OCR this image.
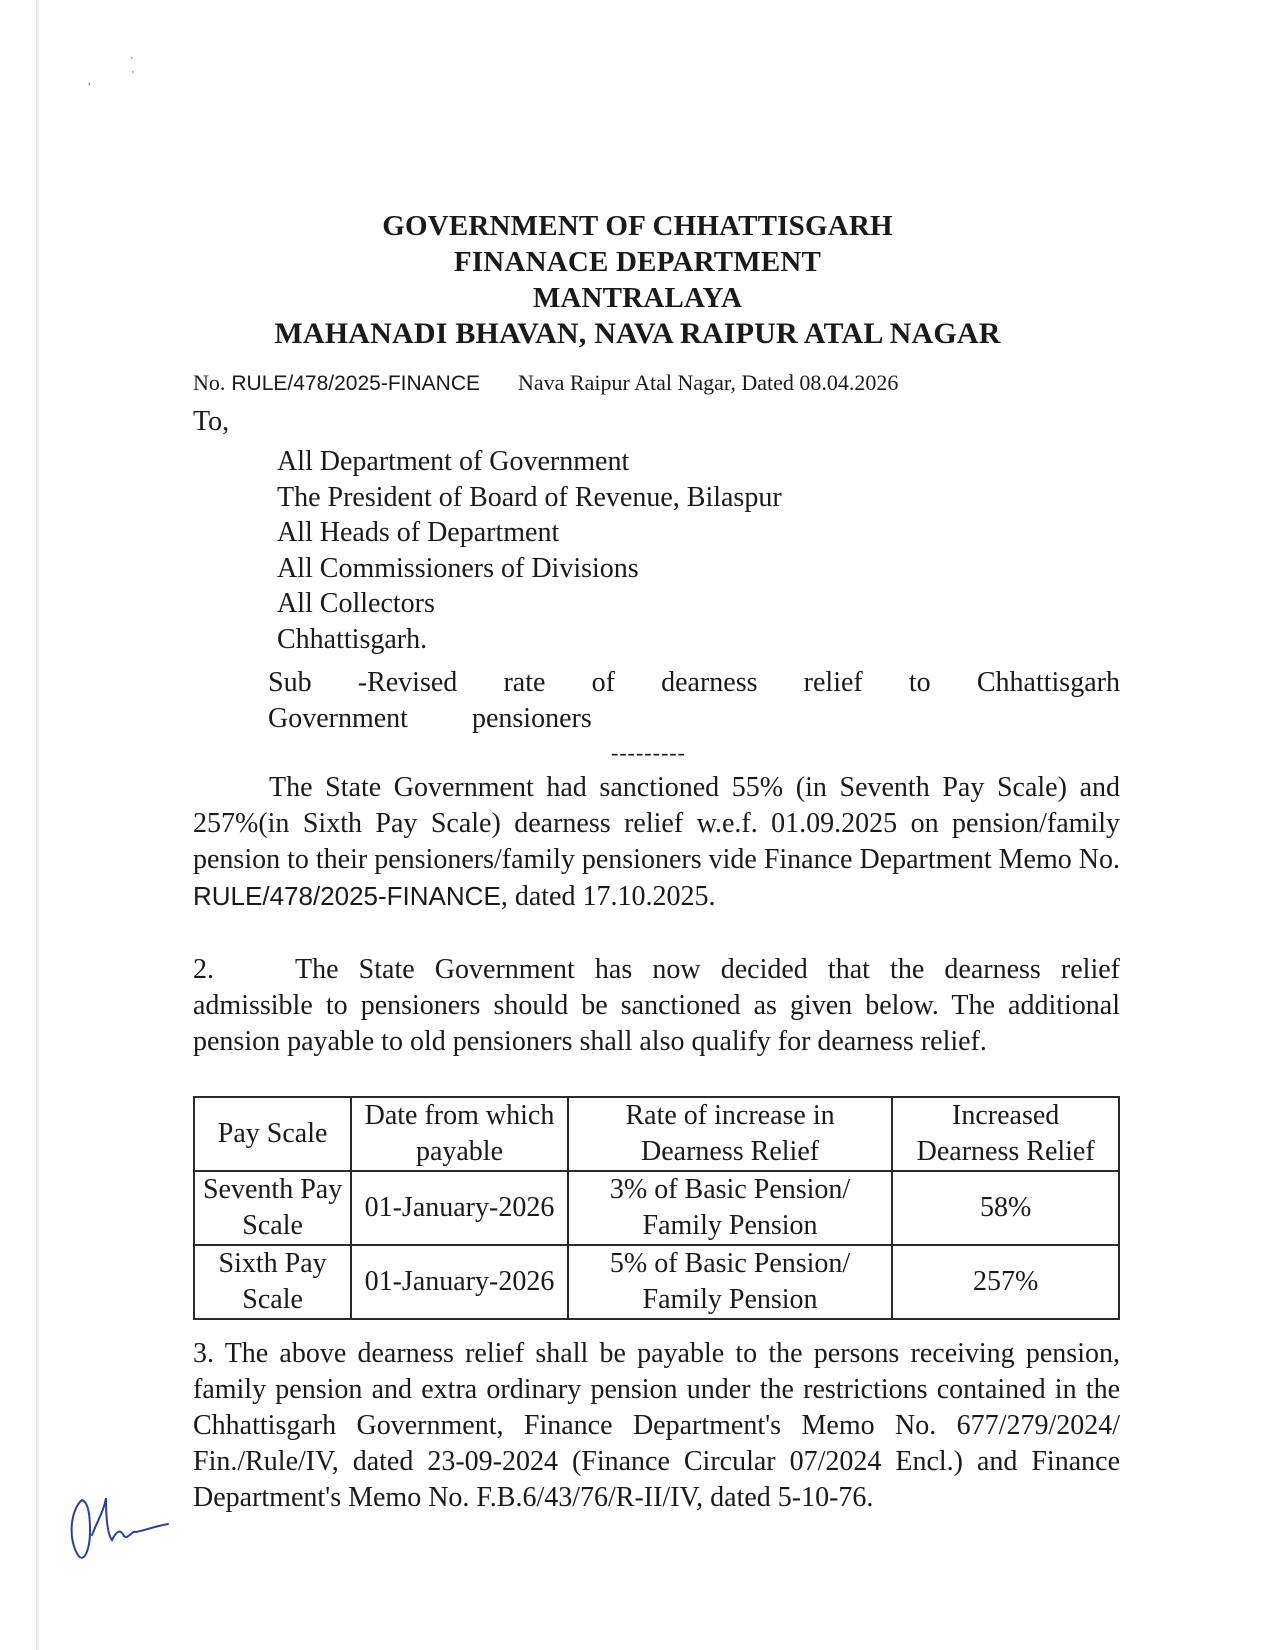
,
'
'
GOVERNMENT OF CHHATTISGARH
FINANACE DEPARTMENT
MANTRALAYA
MAHANADI BHAVAN, NAVA RAIPUR ATAL NAGAR
No. RULE/478/2025-FINANCE Nava Raipur Atal Nagar, Dated 08.04.2026
To,
All Department of Government
The President of Board of Revenue, Bilaspur
All Heads of Department
All Commissioners of Divisions
All Collectors
Chhattisgarh.
Sub -Revised rate of dearness relief to Chhattisgarh
Government pensioners
---------
The State Government had sanctioned 55% (in Seventh Pay Scale) and 257%(in Sixth Pay Scale) dearness relief w.e.f. 01.09.2025 on pension/family pension to their pensioners/family pensioners vide Finance Department Memo No. RULE/478/2025-FINANCE, dated 17.10.2025.
2.	The State Government has now decided that the dearness relief admissible to pensioners should be sanctioned as given below. The additional pension payable to old pensioners shall also qualify for dearness relief.
Pay Scale	Date from which payable	Rate of increase in Dearness Relief	Increased Dearness Relief
Seventh Pay Scale	01-January-2026	3% of Basic Pension/ Family Pension	58%
Sixth Pay Scale	01-January-2026	5% of Basic Pension/ Family Pension	257%
3. The above dearness relief shall be payable to the persons receiving pension, family pension and extra ordinary pension under the restrictions contained in the Chhattisgarh Government, Finance Department's Memo No. 677/279/2024/ Fin./Rule/IV, dated 23-09-2024 (Finance Circular 07/2024 Encl.) and Finance Department's Memo No. F.B.6/43/76/R-II/IV, dated 5-10-76.
